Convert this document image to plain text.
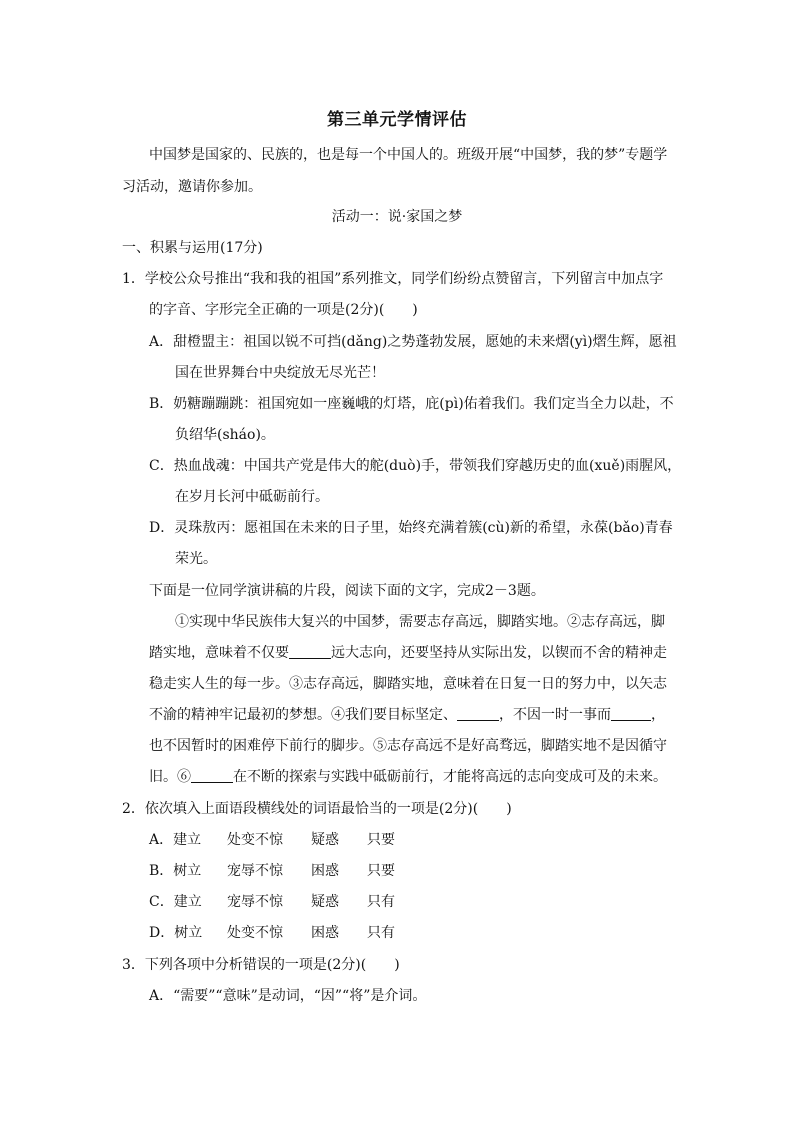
第三单元学情评估
中国梦是国家的、民族的，也是每一个中国人的。班级开展“中国梦，我的梦”专题学
习活动，邀请你参加。
活动一：说·家国之梦
一、积累与运用(17分)
1．学校公众号推出“我和我的祖国”系列推文，同学们纷纷点赞留言，下列留言中加点字
的字音、字形完全正确的一项是(2分)(　　)
A．甜橙盟主：祖国以锐不可挡(dǎng)之势蓬勃发展，愿她的未来熠(yì)熠生辉，愿祖
国在世界舞台中央绽放无尽光芒！
B．奶糖蹦蹦跳：祖国宛如一座巍峨的灯塔，庇(pì)佑着我们。我们定当全力以赴，不
负绍华(sháo)。
C．热血战魂：中国共产党是伟大的舵(duò)手，带领我们穿越历史的血(xuě)雨腥风，
在岁月长河中砥砺前行。
D．灵珠敖丙：愿祖国在未来的日子里，始终充满着簇(cù)新的希望，永葆(bǎo)青春
荣光。
下面是一位同学演讲稿的片段，阅读下面的文字，完成2－3题。
①实现中华民族伟大复兴的中国梦，需要志存高远，脚踏实地。②志存高远，脚
踏实地，意味着不仅要	远大志向，还要坚持从实际出发，以锲而不舍的精神走
稳走实人生的每一步。③志存高远，脚踏实地，意味着在日复一日的努力中，以矢志
不渝的精神牢记最初的梦想。④我们要目标坚定、	，不因一时一事而	，
也不因暂时的困难停下前行的脚步。⑤志存高远不是好高骛远，脚踏实地不是因循守
旧。⑥	在不断的探索与实践中砥砺前行，才能将高远的志向变成可及的未来。
2．依次填入上面语段横线处的词语最恰当的一项是(2分)(　　)
A．建立 处变不惊 疑惑 只要
B．树立 宠辱不惊 困惑 只要
C．建立 宠辱不惊 疑惑 只有
D．树立 处变不惊 困惑 只有
3．下列各项中分析错误的一项是(2分)(　　)
A．“需要”“意味”是动词，“因”“将”是介词。
